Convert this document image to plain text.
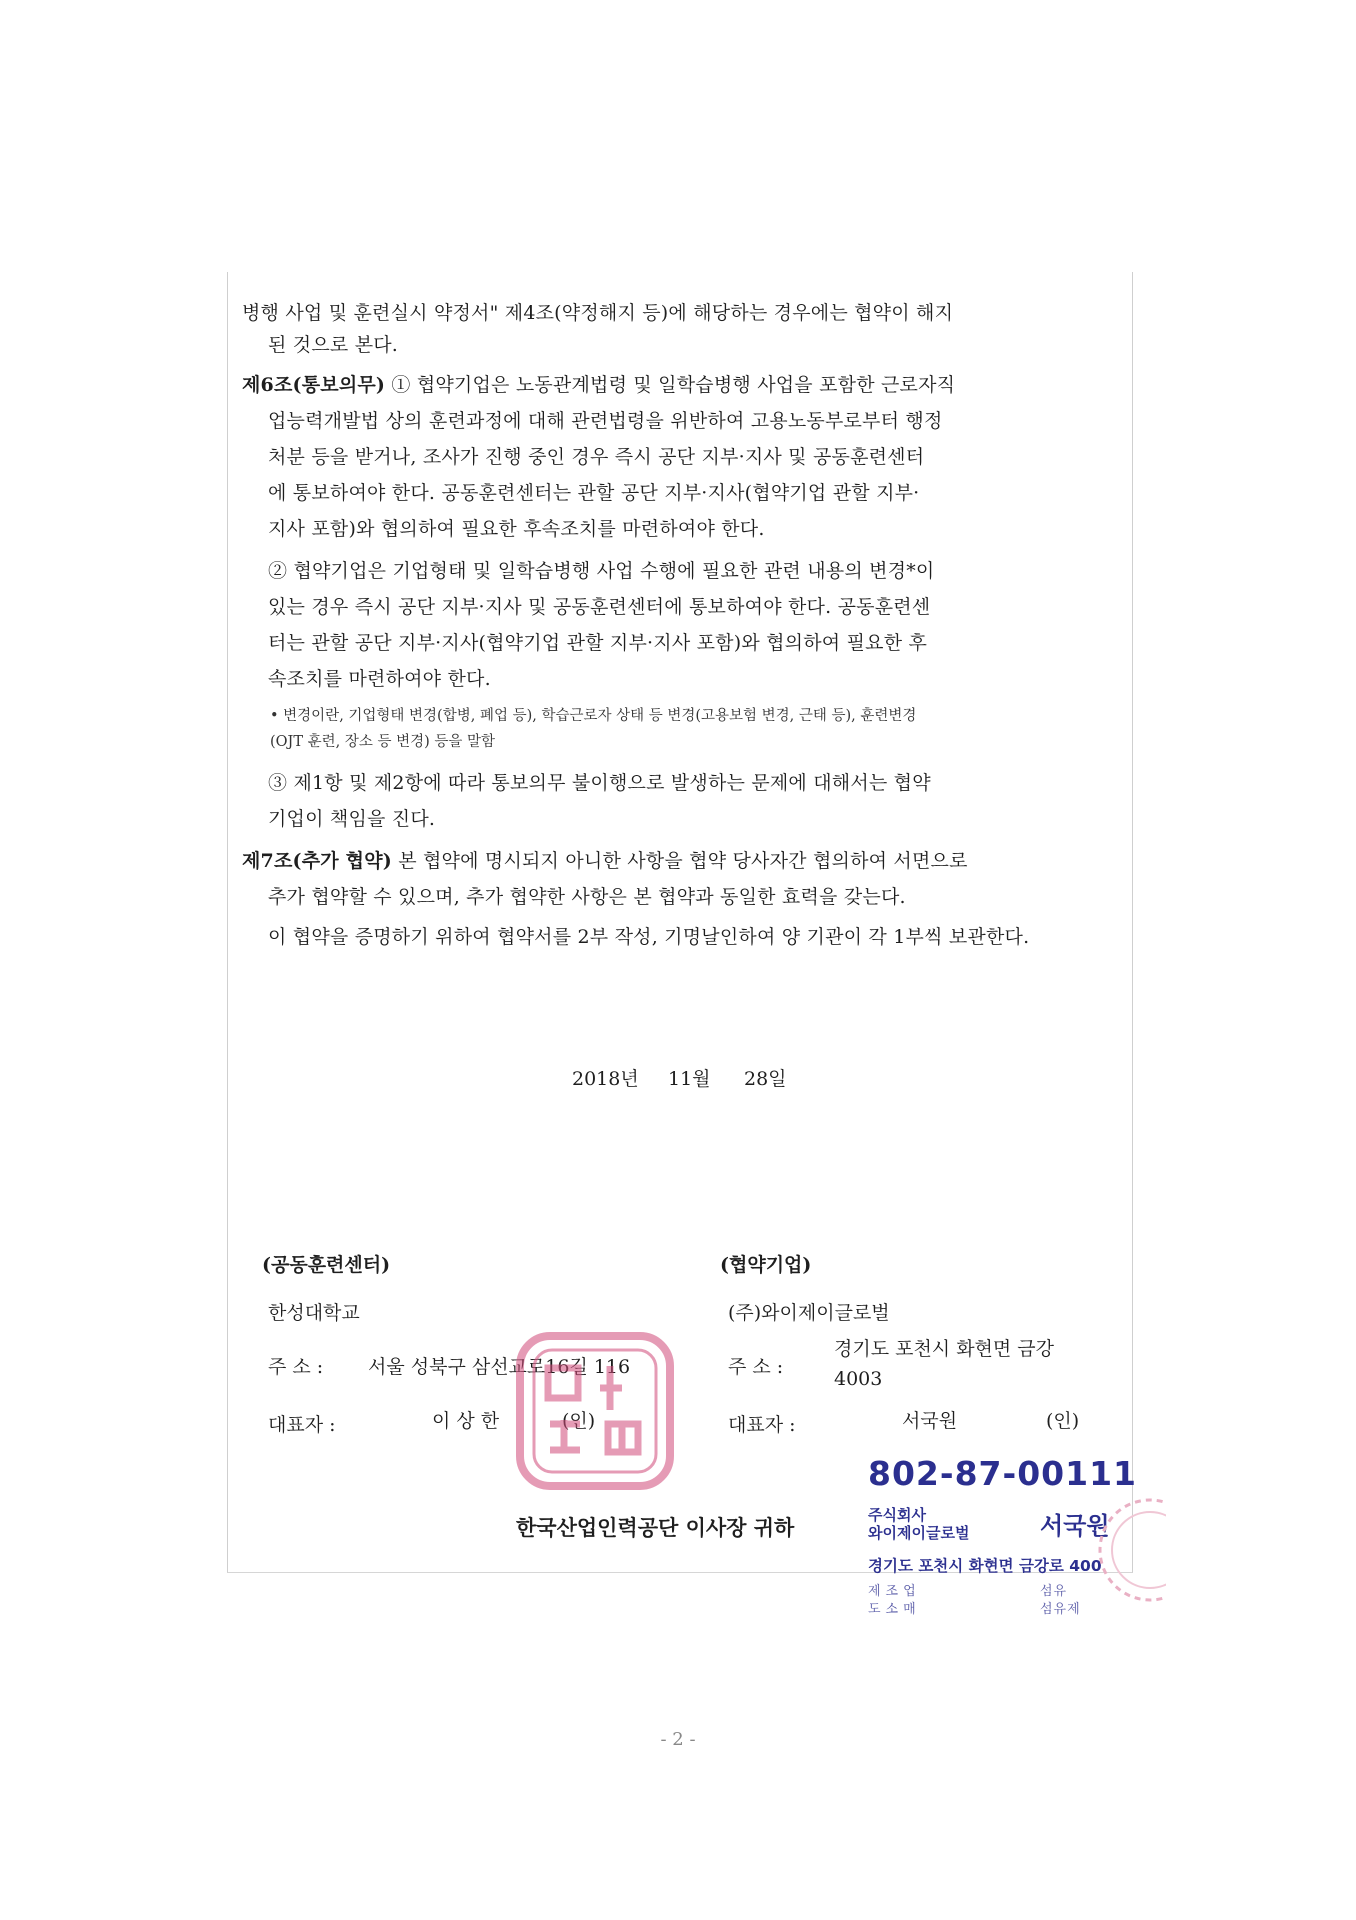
병행 사업 및 훈련실시 약정서" 제4조(약정해지 등)에 해당하는 경우에는 협약이 해지
된 것으로 본다.
제6조(통보의무) ① 협약기업은 노동관계법령 및 일학습병행 사업을 포함한 근로자직
업능력개발법 상의 훈련과정에 대해 관련법령을 위반하여 고용노동부로부터 행정
처분 등을 받거나, 조사가 진행 중인 경우 즉시 공단 지부·지사 및 공동훈련센터
에 통보하여야 한다. 공동훈련센터는 관할 공단 지부·지사(협약기업 관할 지부·
지사 포함)와 협의하여 필요한 후속조치를 마련하여야 한다.
② 협약기업은 기업형태 및 일학습병행 사업 수행에 필요한 관련 내용의 변경*이
있는 경우 즉시 공단 지부·지사 및 공동훈련센터에 통보하여야 한다. 공동훈련센
터는 관할 공단 지부·지사(협약기업 관할 지부·지사 포함)와 협의하여 필요한 후
속조치를 마련하여야 한다.
• 변경이란, 기업형태 변경(합병, 폐업 등), 학습근로자 상태 등 변경(고용보험 변경, 근태 등), 훈련변경
(OJT 훈련, 장소 등 변경) 등을 말함
③ 제1항 및 제2항에 따라 통보의무 불이행으로 발생하는 문제에 대해서는 협약
기업이 책임을 진다.
제7조(추가 협약) 본 협약에 명시되지 아니한 사항을 협약 당사자간 협의하여 서면으로
추가 협약할 수 있으며, 추가 협약한 사항은 본 협약과 동일한 효력을 갖는다.
이 협약을 증명하기 위하여 협약서를 2부 작성, 기명날인하여 양 기관이 각 1부씩 보관한다.
2018년 11월 28일
(공동훈련센터)
한성대학교
주 소 : 서울 성북구 삼선교로16길 116
대표자 :	이 상 한	(인)
(협약기업)
(주)와이제이글로벌
주 소 :
경기도 포천시 화현면 금강
4003
대표자 :	서국원	(인)
한국산업인력공단 이사장 귀하
802-87-00111
주식회사
와이제이글로벌	서국원
경기도 포천시 화현면 금강로 400
제조업
도소매
섬유
섬유제
- 2 -
